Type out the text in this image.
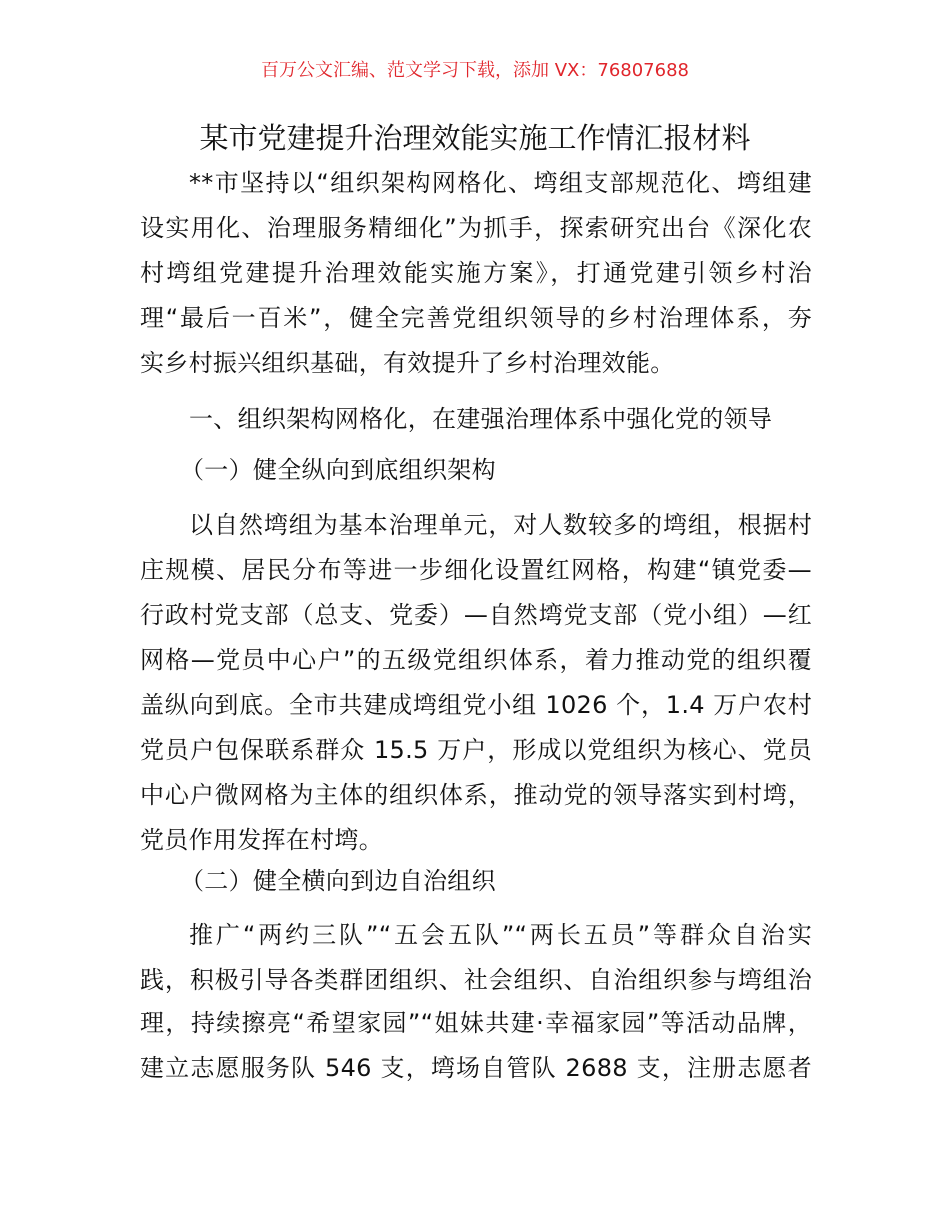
百万公文汇编、范文学习下载，添加 VX：76807688
某市党建提升治理效能实施工作情汇报材料
**市坚持以“组织架构网格化、塆组支部规范化、塆组建
设实用化、治理服务精细化”为抓手，探索研究出台《深化农
村塆组党建提升治理效能实施方案》，打通党建引领乡村治
理“最后一百米”，健全完善党组织领导的乡村治理体系，夯
实乡村振兴组织基础，有效提升了乡村治理效能。
一、组织架构网格化，在建强治理体系中强化党的领导
（一）健全纵向到底组织架构
以自然塆组为基本治理单元，对人数较多的塆组，根据村
庄规模、居民分布等进一步细化设置红网格，构建“镇党委—
行政村党支部（总支、党委）—自然塆党支部（党小组）—红
网格—党员中心户”的五级党组织体系，着力推动党的组织覆
盖纵向到底。全市共建成塆组党小组 1026 个，1.4 万户农村
党员户包保联系群众 15.5 万户，形成以党组织为核心、党员
中心户微网格为主体的组织体系，推动党的领导落实到村塆，
党员作用发挥在村塆。
（二）健全横向到边自治组织
推广“两约三队”“五会五队”“两长五员”等群众自治实
践，积极引导各类群团组织、社会组织、自治组织参与塆组治
理，持续擦亮“希望家园”“姐妹共建·幸福家园”等活动品牌，
建立志愿服务队 546 支，塆场自管队 2688 支，注册志愿者
